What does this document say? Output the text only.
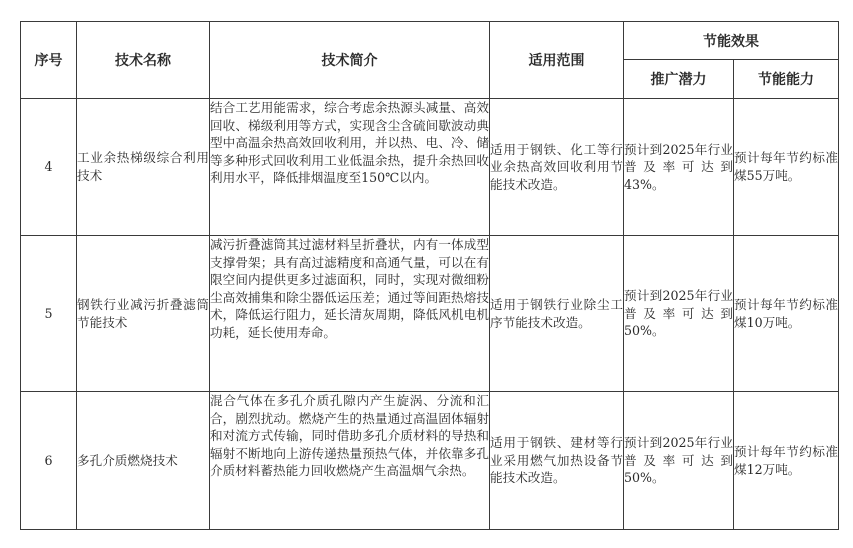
序号	技术名称	技术简介	适用范围	节能效果	
				推广潜力	节能能力
4	工业余热梯级综合利用技术	结合工艺用能需求，综合考虑余热源头减量、高效回收、梯级利用等方式，实现含尘含硫间歇波动典型中高温余热高效回收利用，并以热、电、冷、储等多种形式回收利用工业低温余热，提升余热回收利用水平，降低排烟温度至150℃以内。	适用于钢铁、化工等行业余热高效回收利用节能技术改造。	预计到2025年行业普及率可达到43%。	预计每年节约标准煤55万吨。
5	钢铁行业减污折叠滤筒节能技术	减污折叠滤筒其过滤材料呈折叠状，内有一体成型支撑骨架；具有高过滤精度和高通气量，可以在有限空间内提供更多过滤面积，同时，实现对微细粉尘高效捕集和除尘器低运压差；通过等间距热熔技术，降低运行阻力，延长清灰周期，降低风机电机功耗，延长使用寿命。	适用于钢铁行业除尘工序节能技术改造。	预计到2025年行业普及率可达到50%。	预计每年节约标准煤10万吨。
6	多孔介质燃烧技术	混合气体在多孔介质孔隙内产生旋涡、分流和汇合，剧烈扰动。燃烧产生的热量通过高温固体辐射和对流方式传输，同时借助多孔介质材料的导热和辐射不断地向上游传递热量预热气体，并依靠多孔介质材料蓄热能力回收燃烧产生高温烟气余热。	适用于钢铁、建材等行业采用燃气加热设备节能技术改造。	预计到2025年行业普及率可达到50%。	预计每年节约标准煤12万吨。
